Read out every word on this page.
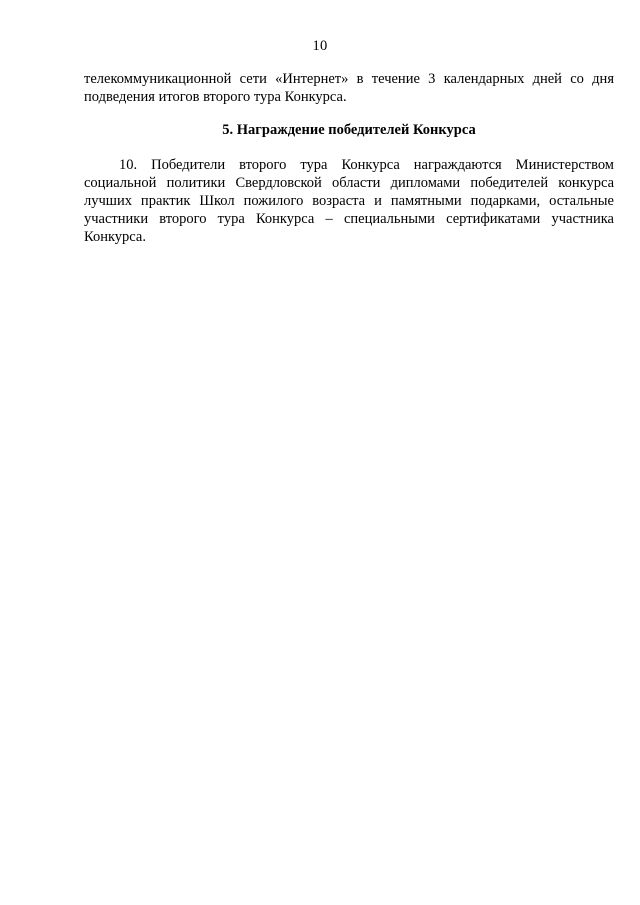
10
телекоммуникационной сети «Интернет» в течение 3 календарных дней со дня
подведения итогов второго тура Конкурса.
5. Награждение победителей Конкурса
10. Победители второго тура Конкурса награждаются Министерством
социальной политики Свердловской области дипломами победителей конкурса
лучших практик Школ пожилого возраста и памятными подарками, остальные
участники второго тура Конкурса – специальными сертификатами участника
Конкурса.
